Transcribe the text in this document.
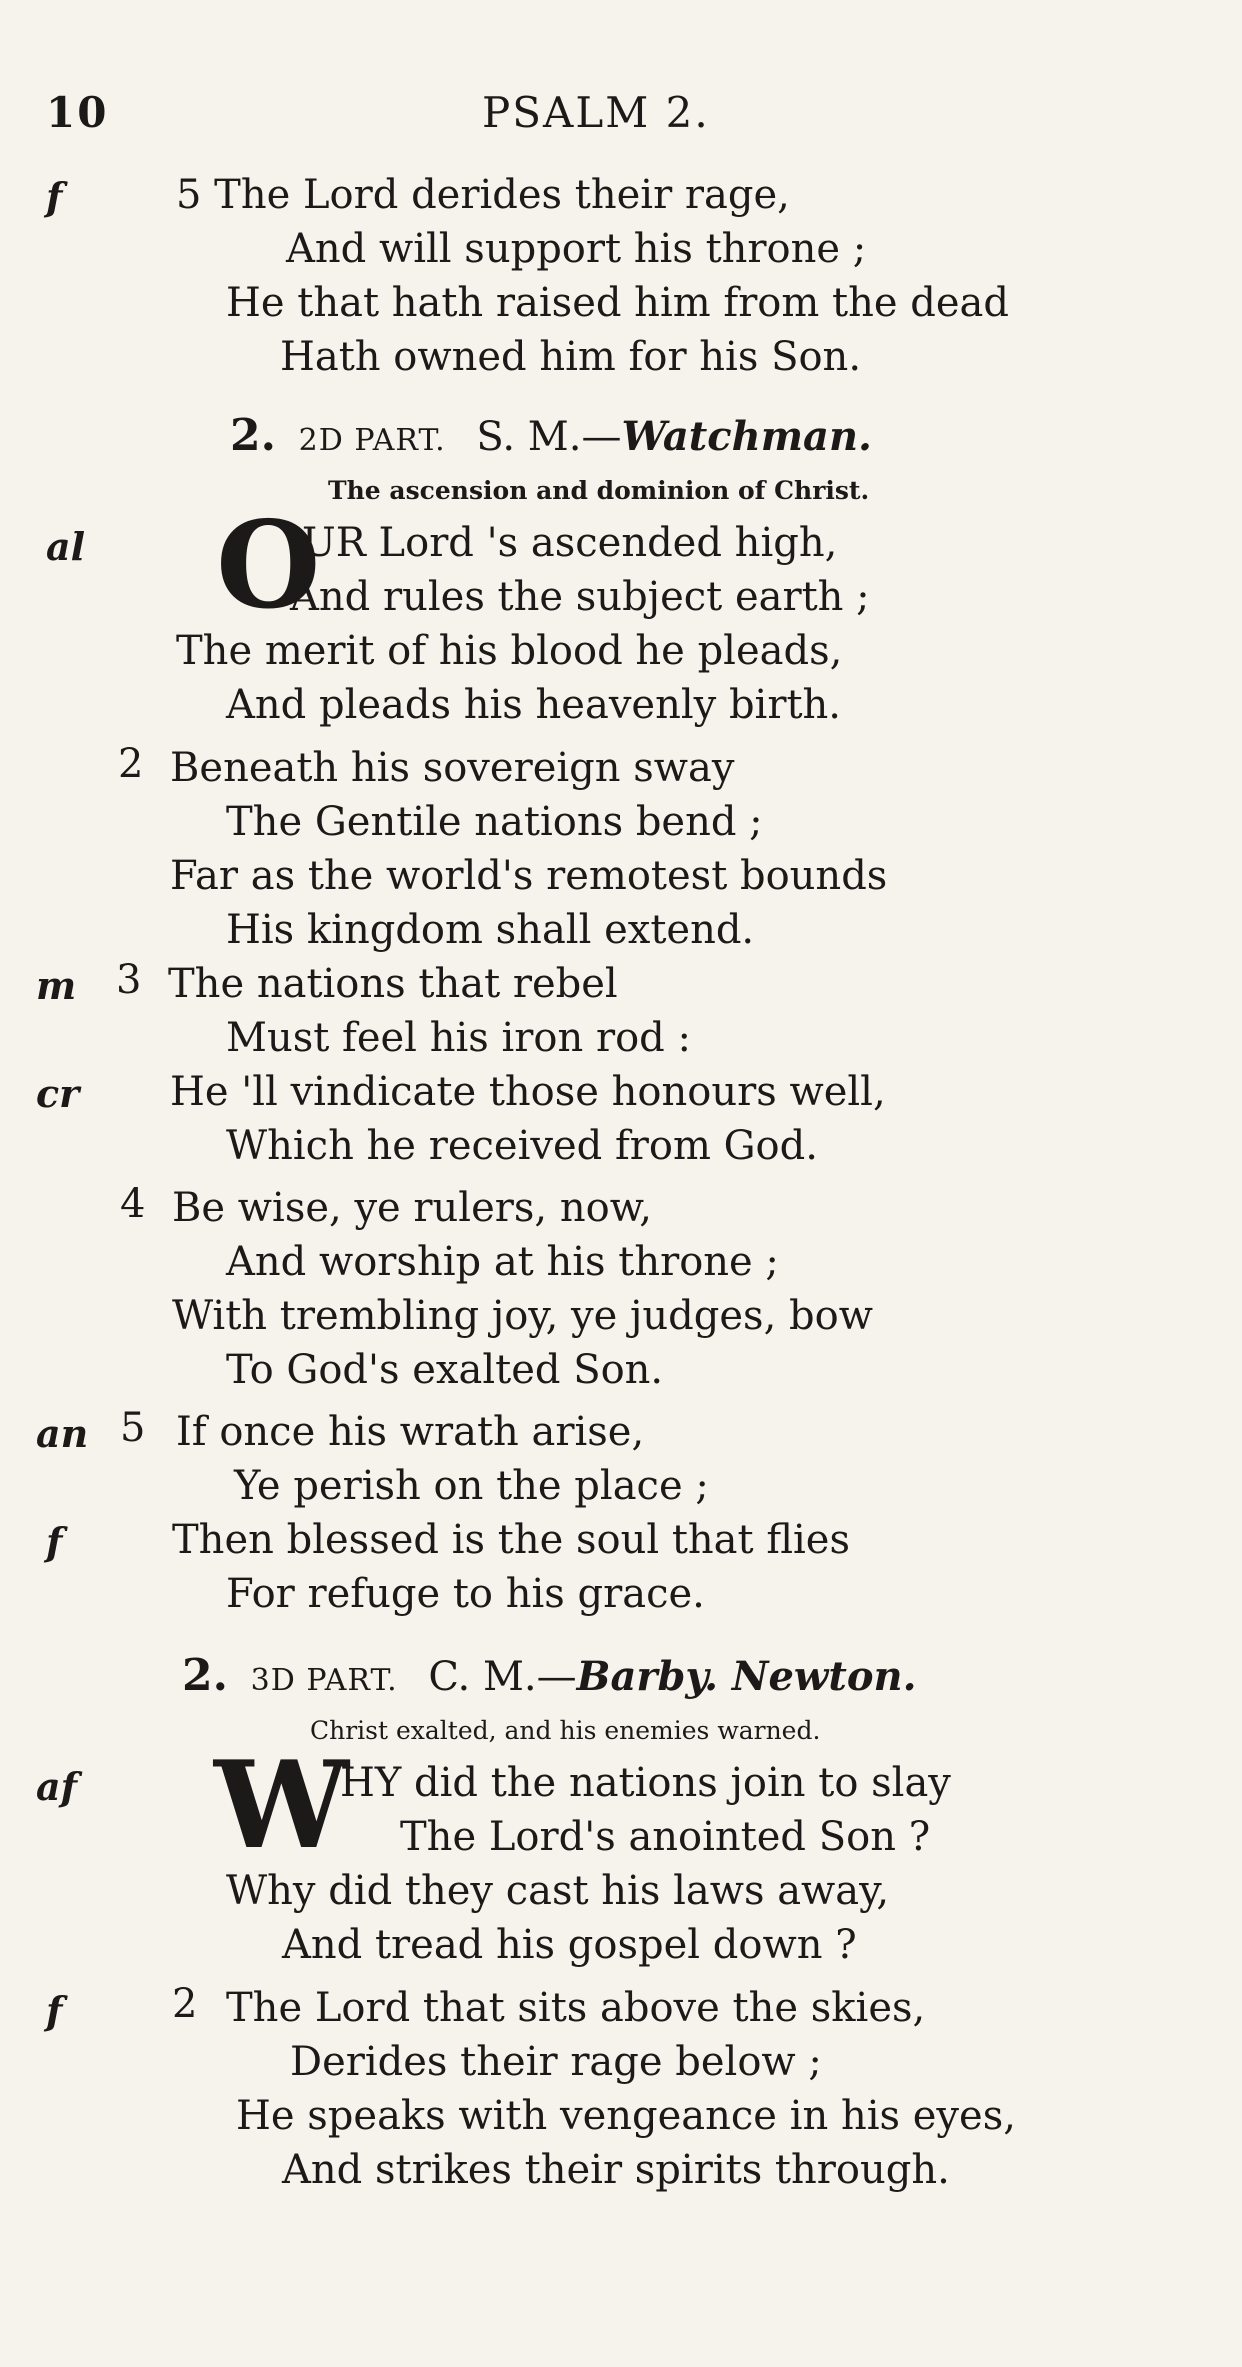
10	PSALM 2.
f	5 The Lord derides their rage,
And will support his throne ;
He that hath raised him from the dead
Hath owned him for his Son.
2. 2D PART. S. M.—Watchman.
The ascension and dominion of Christ.
al O
UR Lord 's ascended high,
And rules the subject earth ;
The merit of his blood he pleads,
And pleads his heavenly birth.
2 Beneath his sovereign sway
The Gentile nations bend ;
Far as the world's remotest bounds
His kingdom shall extend.
m 3 The nations that rebel
Must feel his iron rod :
cr He 'll vindicate those honours well,
Which he received from God.
4 Be wise, ye rulers, now,
And worship at his throne ;
With trembling joy, ye judges, bow
To God's exalted Son.
an 5 If once his wrath arise,
Ye perish on the place ;
f	Then blessed is the soul that flies
For refuge to his grace.
2. 3D PART. C. M.—Barby. Newton.
Christ exalted, and his enemies warned.
af W
HY did the nations join to slay
The Lord's anointed Son ?
Why did they cast his laws away,
And tread his gospel down ?
f	2 The Lord that sits above the skies,
Derides their rage below ;
He speaks with vengeance in his eyes,
And strikes their spirits through.
